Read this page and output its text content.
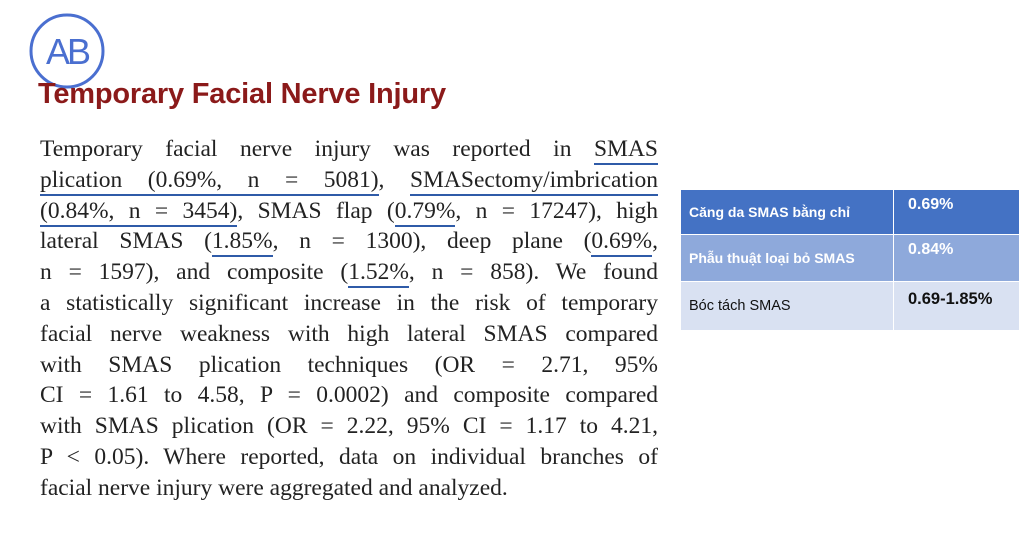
AB
Temporary Facial Nerve Injury
Temporary facial nerve injury was reported in SMAS
plication (0.69%, n = 5081), SMASectomy/imbrication
(0.84%, n = 3454), SMAS flap (0.79%, n = 17247), high
lateral SMAS (1.85%, n = 1300), deep plane (0.69%,
n = 1597), and composite (1.52%, n = 858). We found
a statistically significant increase in the risk of temporary
facial nerve weakness with high lateral SMAS compared
with SMAS plication techniques (OR = 2.71, 95%
CI = 1.61 to 4.58, P = 0.0002) and composite compared
with SMAS plication (OR = 2.22, 95% CI = 1.17 to 4.21,
P < 0.05). Where reported, data on individual branches of
facial nerve injury were aggregated and analyzed.
Căng da SMAS bằng chỉ	0.69%
Phẫu thuật loại bỏ SMAS	0.84%
Bóc tách SMAS	0.69-1.85%
